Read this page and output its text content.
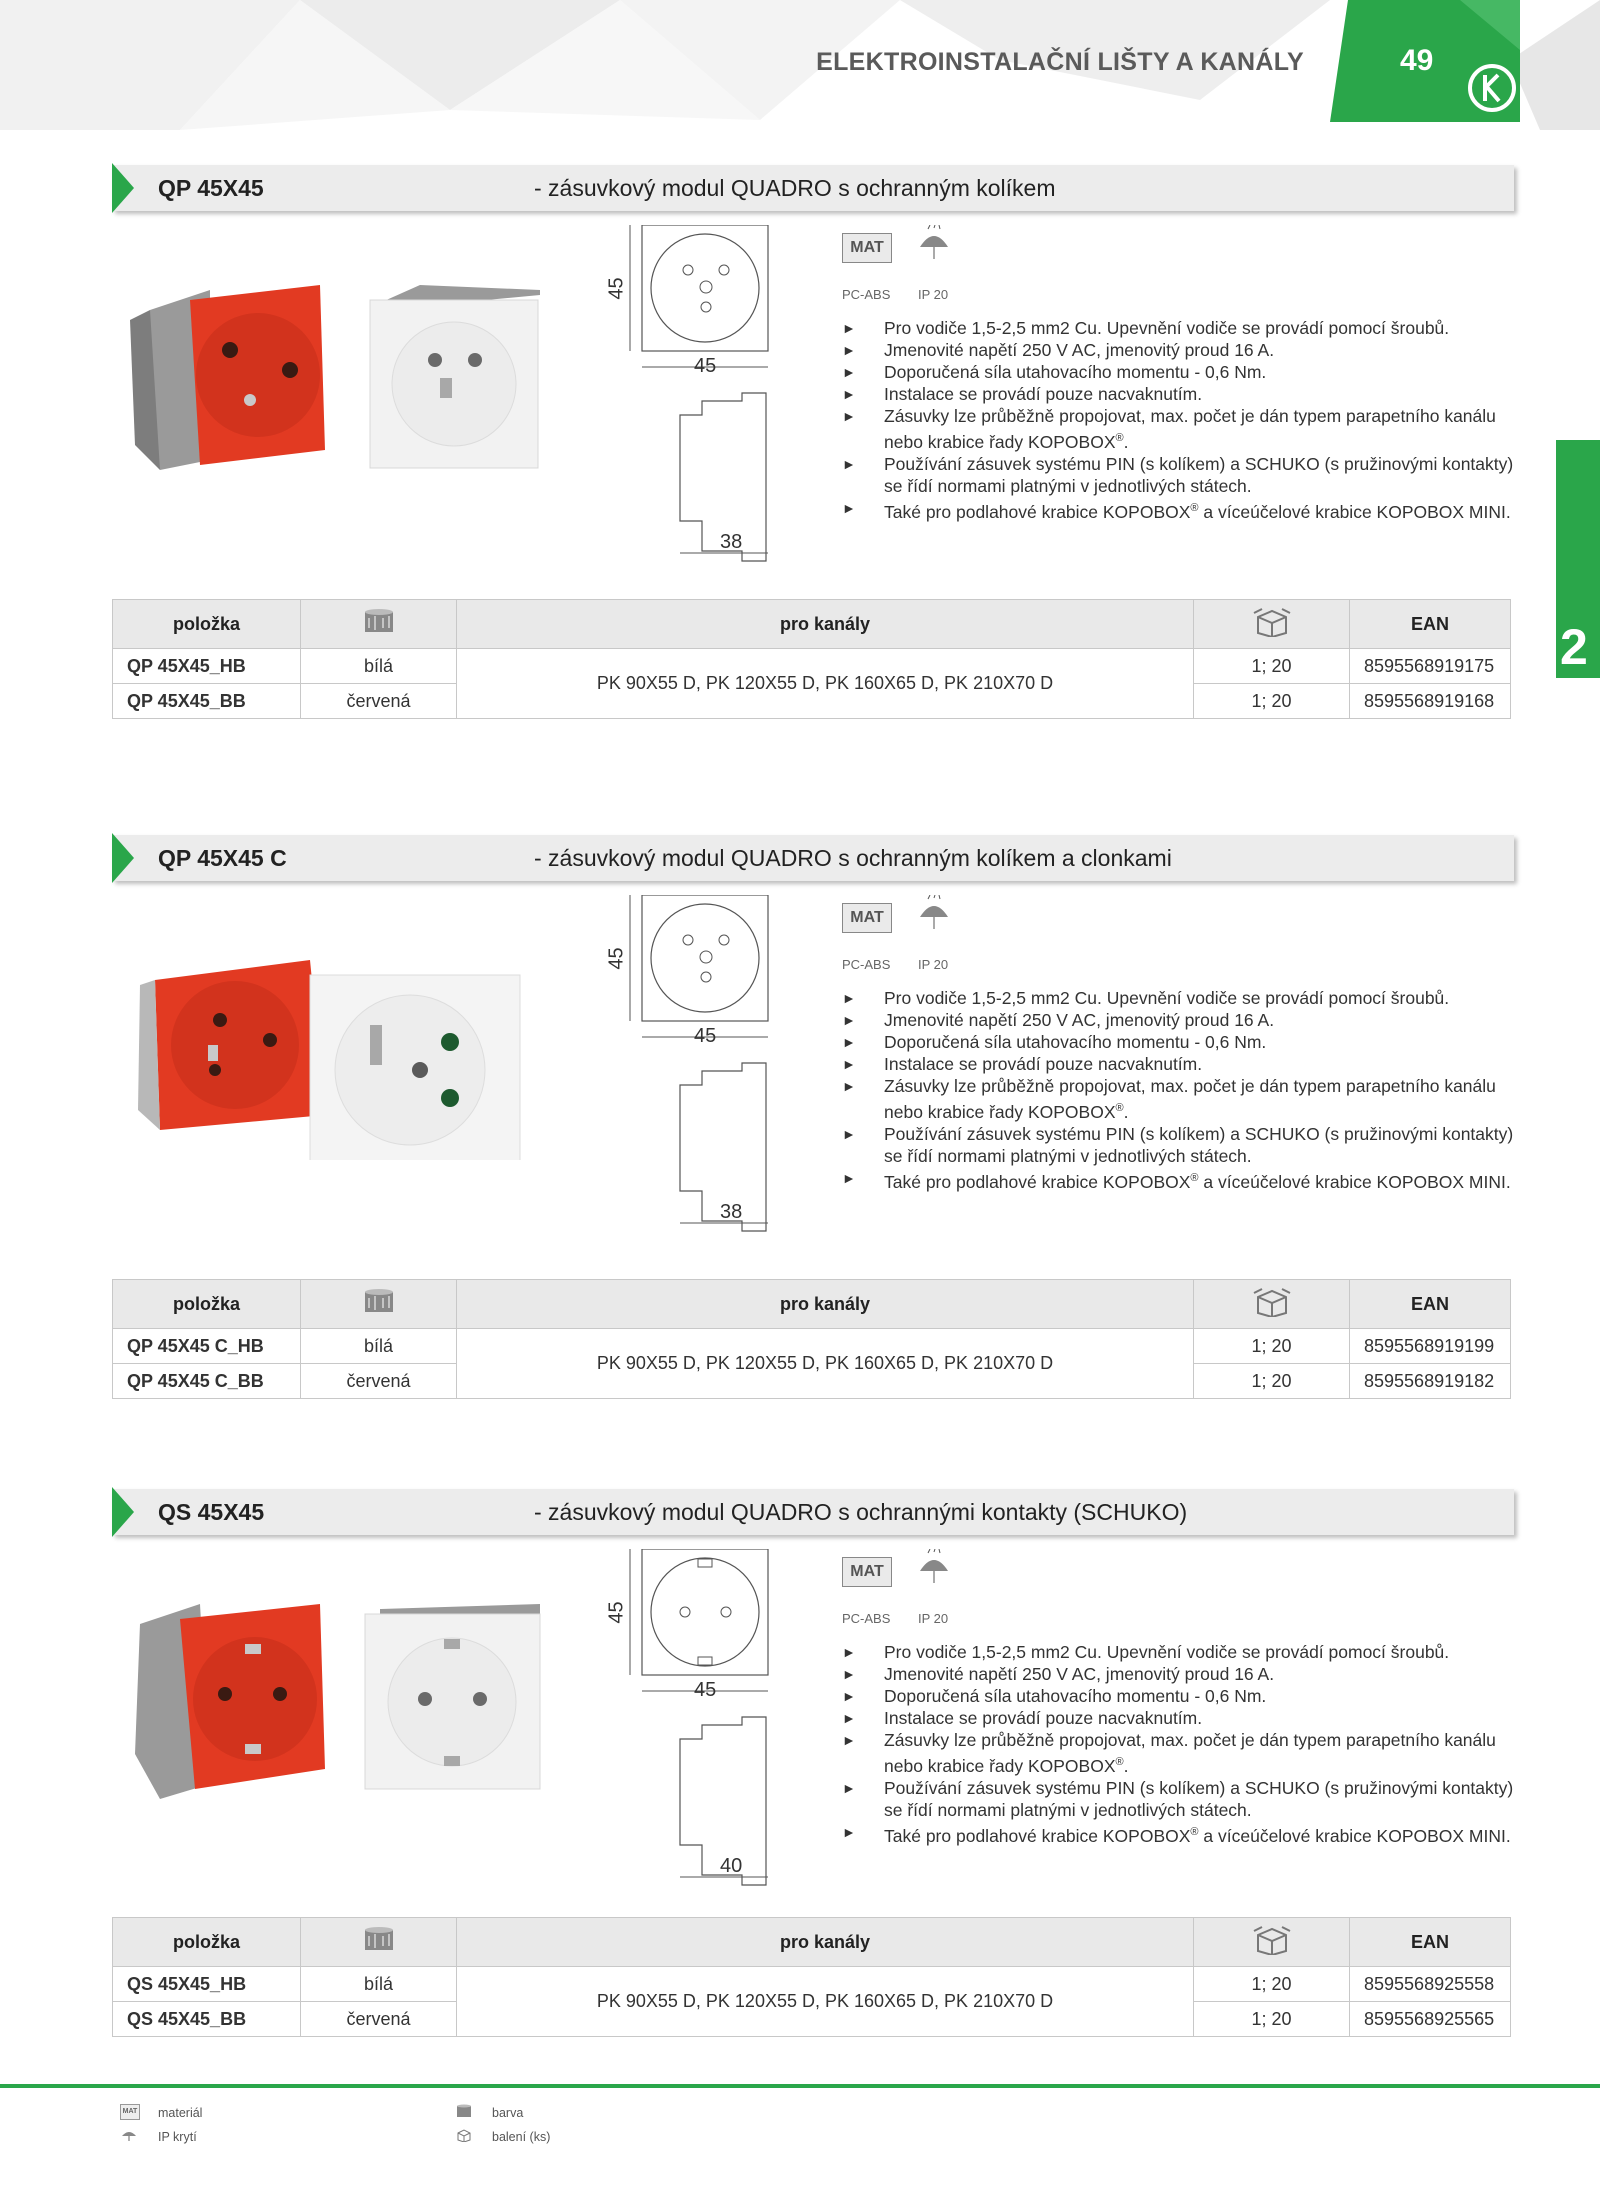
ELEKTROINSTALAČNÍ LIŠTY A KANÁLY	49
2
QP 45X45	- zásuvkový modul QUADRO s ochranným kolíkem
45
45
38
MAT
PC-ABS IP 20
► Pro vodiče 1,5-2,5 mm2 Cu. Upevnění vodiče se provádí pomocí šroubů.
► Jmenovité napětí 250 V AC, jmenovitý proud 16 A.
► Doporučená síla utahovacího momentu - 0,6 Nm.
► Instalace se provádí pouze nacvaknutím.
► Zásuvky lze průběžně propojovat, max. počet je dán typem parapetního kanálu nebo krabice řady KOPOBOX®.
► Používání zásuvek systému PIN (s kolíkem) a SCHUKO (s pružinovými kontakty) se řídí normami platnými v jednotlivých státech.
► Také pro podlahové krabice KOPOBOX® a víceúčelové krabice KOPOBOX MINI.
položka		pro kanály		EAN
QP 45X45_HB	bílá	PK 90X55 D, PK 120X55 D, PK 160X65 D, PK 210X70 D	1; 20	8595568919175
QP 45X45_BB	červená		1; 20	8595568919168
QP 45X45 C	- zásuvkový modul QUADRO s ochranným kolíkem a clonkami
45
45
38
MAT
PC-ABS IP 20
► Pro vodiče 1,5-2,5 mm2 Cu. Upevnění vodiče se provádí pomocí šroubů.
► Jmenovité napětí 250 V AC, jmenovitý proud 16 A.
► Doporučená síla utahovacího momentu - 0,6 Nm.
► Instalace se provádí pouze nacvaknutím.
► Zásuvky lze průběžně propojovat, max. počet je dán typem parapetního kanálu nebo krabice řady KOPOBOX®.
► Používání zásuvek systému PIN (s kolíkem) a SCHUKO (s pružinovými kontakty) se řídí normami platnými v jednotlivých státech.
► Také pro podlahové krabice KOPOBOX® a víceúčelové krabice KOPOBOX MINI.
položka		pro kanály		EAN
QP 45X45 C_HB	bílá	PK 90X55 D, PK 120X55 D, PK 160X65 D, PK 210X70 D	1; 20	8595568919199
QP 45X45 C_BB	červená		1; 20	8595568919182
QS 45X45	- zásuvkový modul QUADRO s ochrannými kontakty (SCHUKO)
45
45
40
MAT
PC-ABS IP 20
► Pro vodiče 1,5-2,5 mm2 Cu. Upevnění vodiče se provádí pomocí šroubů.
► Jmenovité napětí 250 V AC, jmenovitý proud 16 A.
► Doporučená síla utahovacího momentu - 0,6 Nm.
► Instalace se provádí pouze nacvaknutím.
► Zásuvky lze průběžně propojovat, max. počet je dán typem parapetního kanálu nebo krabice řady KOPOBOX®.
► Používání zásuvek systému PIN (s kolíkem) a SCHUKO (s pružinovými kontakty) se řídí normami platnými v jednotlivých státech.
► Také pro podlahové krabice KOPOBOX® a víceúčelové krabice KOPOBOX MINI.
položka		pro kanály		EAN
QS 45X45_HB	bílá	PK 90X55 D, PK 120X55 D, PK 160X65 D, PK 210X70 D	1; 20	8595568925558
QS 45X45_BB	červená		1; 20	8595568925565
MAT materiál
IP krytí
barva
balení (ks)
